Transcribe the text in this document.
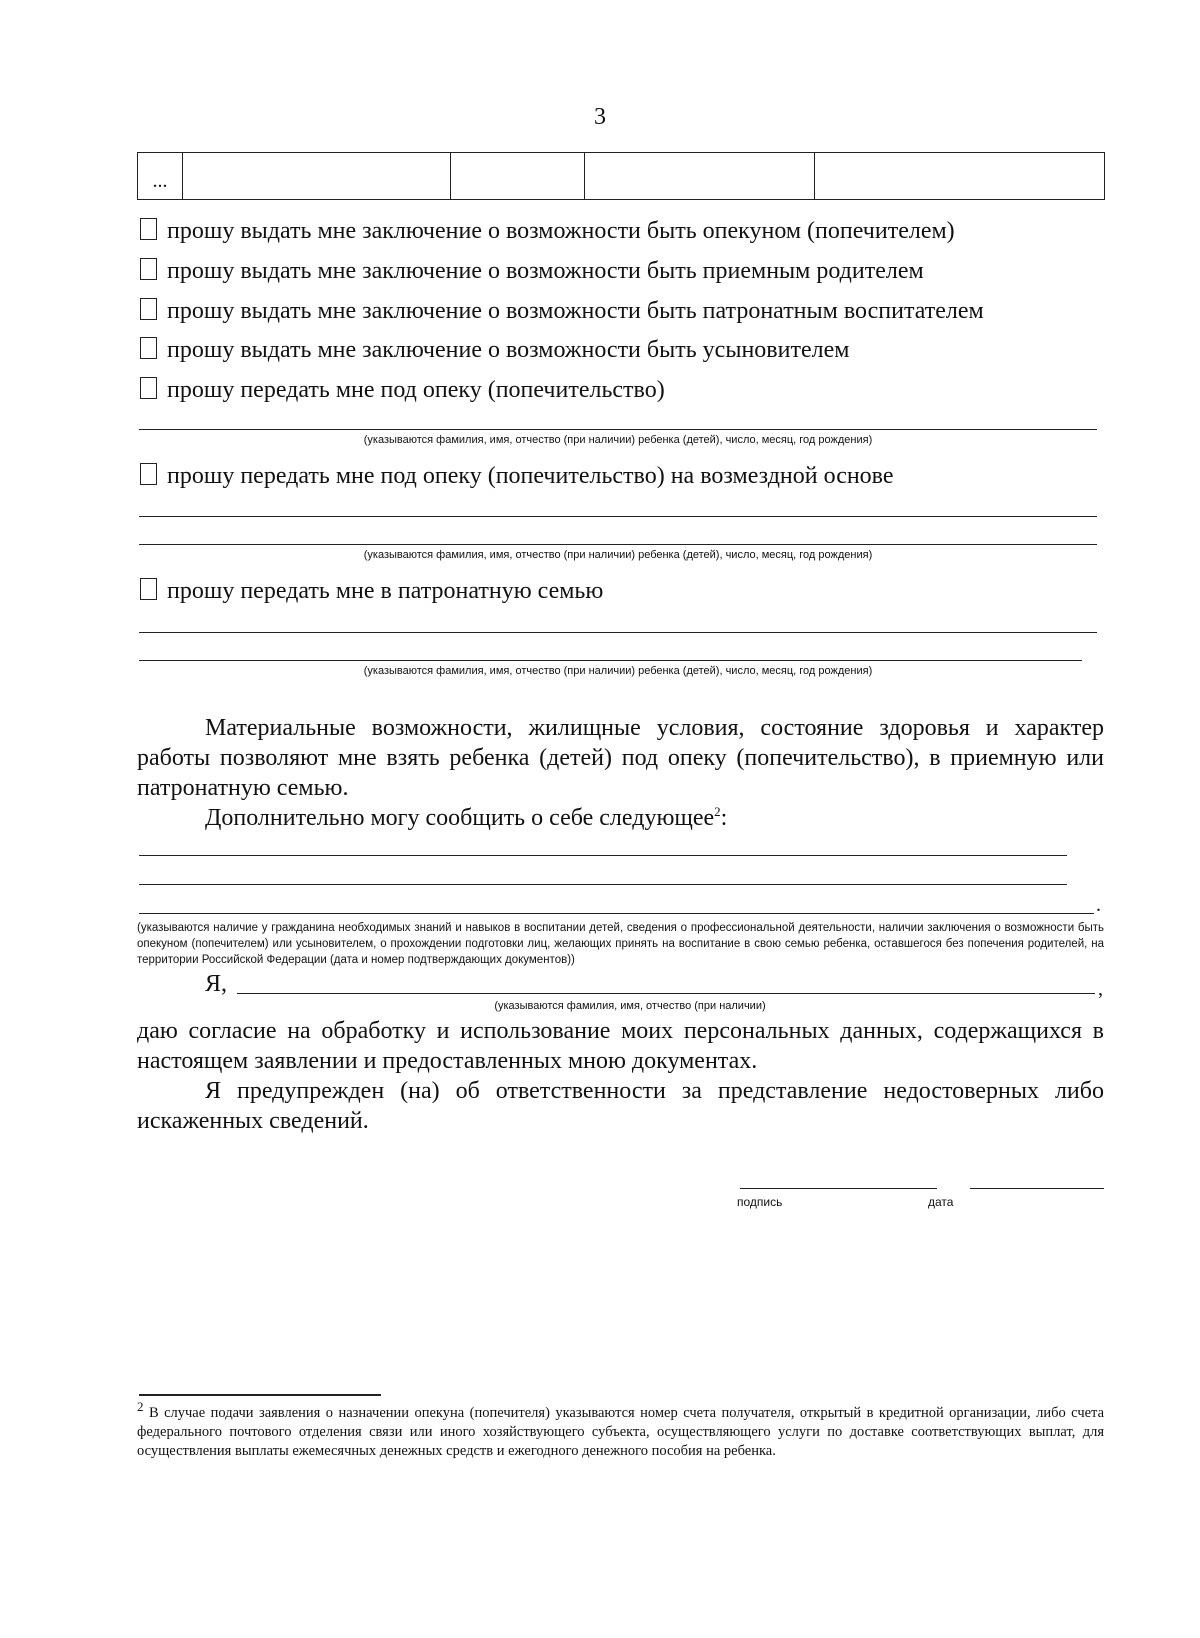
3
...
прошу выдать мне заключение о возможности быть опекуном (попечителем)
прошу выдать мне заключение о возможности быть приемным родителем
прошу выдать мне заключение о возможности быть патронатным воспитателем
прошу выдать мне заключение о возможности быть усыновителем
прошу передать мне под опеку (попечительство)
(указываются фамилия, имя, отчество (при наличии) ребенка (детей), число, месяц, год рождения)
прошу передать мне под опеку (попечительство) на возмездной основе
(указываются фамилия, имя, отчество (при наличии) ребенка (детей), число, месяц, год рождения)
прошу передать мне в патронатную семью
(указываются фамилия, имя, отчество (при наличии) ребенка (детей), число, месяц, год рождения)
Материальные возможности, жилищные условия, состояние здоровья и характер работы позволяют мне взять ребенка (детей) под опеку (попечительство), в приемную или патронатную семью.
Дополнительно могу сообщить о себе следующее$^2$:
.
(указываются наличие у гражданина необходимых знаний и навыков в воспитании детей, сведения о профессиональной деятельности, наличии заключения о возможности быть опекуном (попечителем) или усыновителем, о прохождении подготовки лиц, желающих принять на воспитание в свою семью ребенка, оставшегося без попечения родителей, на территории Российской Федерации (дата и номер подтверждающих документов))
Я,	,
(указываются фамилия, имя, отчество (при наличии)
даю согласие на обработку и использование моих персональных данных, содержащихся в настоящем заявлении и предоставленных мною документах.
Я предупрежден (на) об ответственности за представление недостоверных либо искаженных сведений.
подпись	дата
$^2$ В случае подачи заявления о назначении опекуна (попечителя) указываются номер счета получателя, открытый в кредитной организации, либо счета федерального почтового отделения связи или иного хозяйствующего субъекта, осуществляющего услуги по доставке соответствующих выплат, для осуществления выплаты ежемесячных денежных средств и ежегодного денежного пособия на ребенка.
